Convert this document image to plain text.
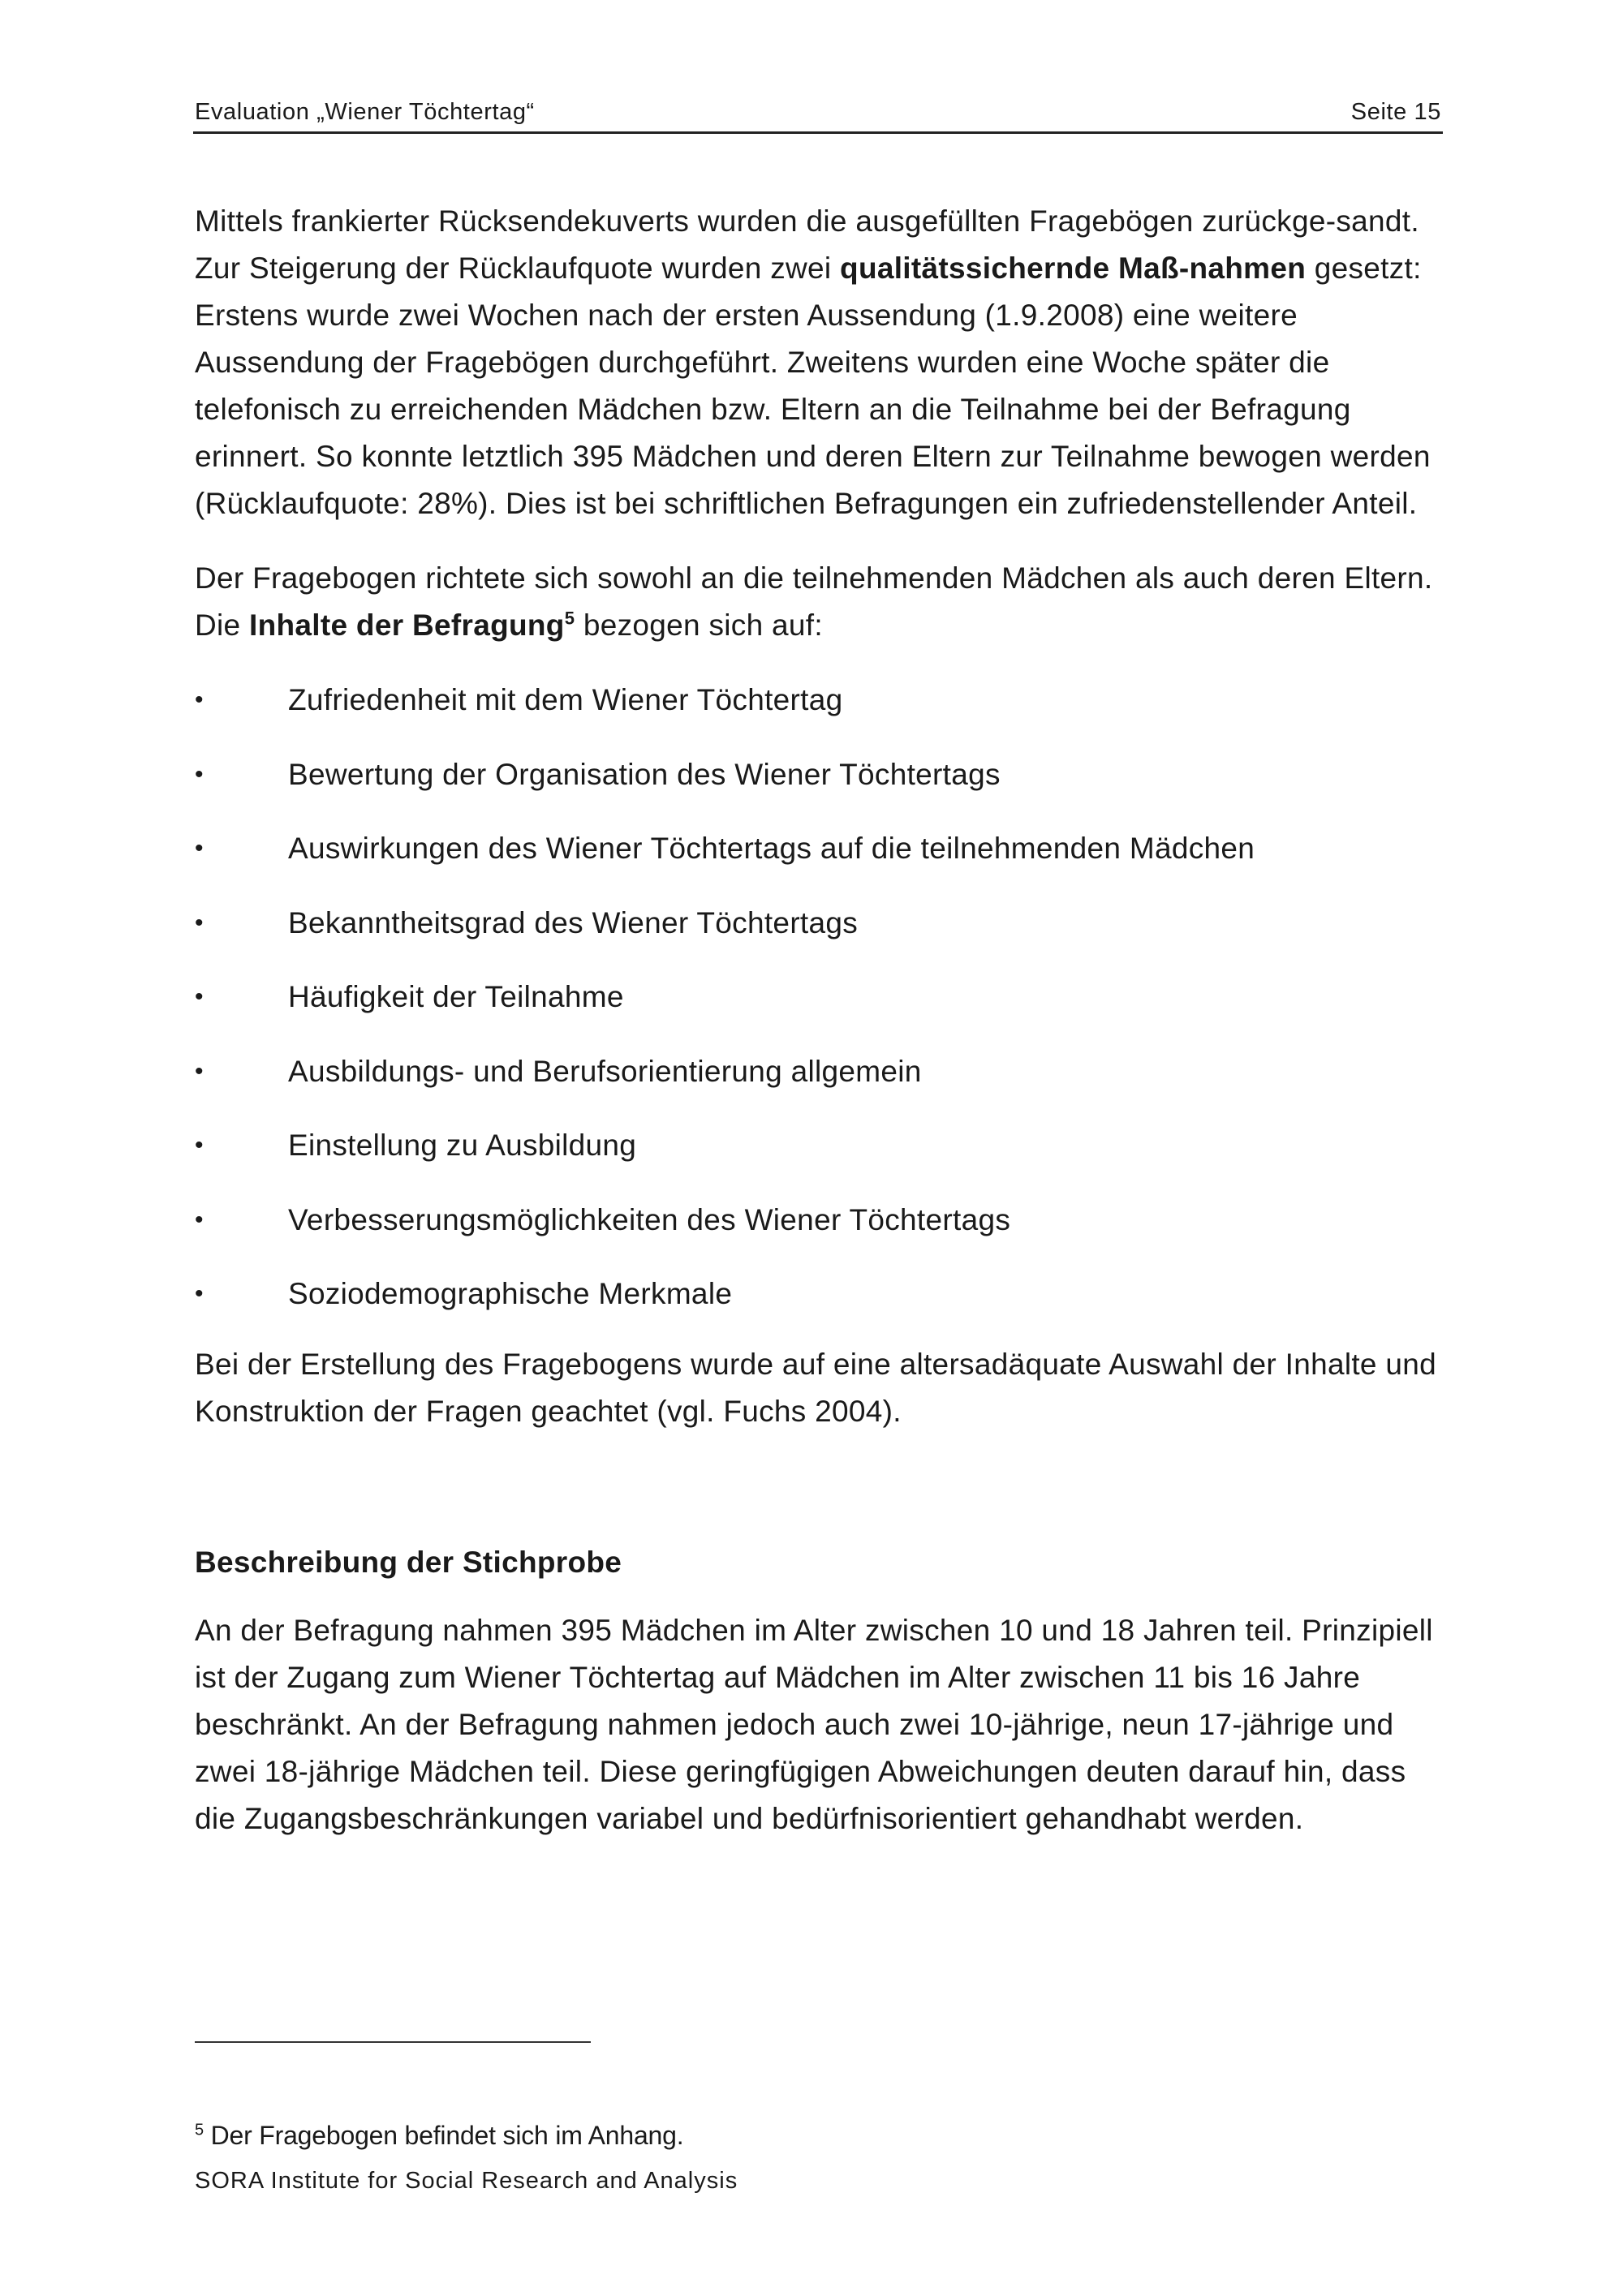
Evaluation „Wiener Töchtertag“	Seite 15

Mittels frankierter Rücksendekuverts wurden die ausgefüllten Fragebögen zurückge-sandt. Zur Steigerung der Rücklaufquote wurden zwei qualitätssichernde Maß-nahmen gesetzt: Erstens wurde zwei Wochen nach der ersten Aussendung (1.9.2008) eine weitere Aussendung der Fragebögen durchgeführt. Zweitens wurden eine Woche später die telefonisch zu erreichenden Mädchen bzw. Eltern an die Teilnahme bei der Befragung erinnert. So konnte letztlich 395 Mädchen und deren Eltern zur Teilnahme bewogen werden (Rücklaufquote: 28%). Dies ist bei schriftlichen Befragungen ein zufriedenstellender Anteil.

Der Fragebogen richtete sich sowohl an die teilnehmenden Mädchen als auch deren Eltern. Die Inhalte der Befragung$^5$ bezogen sich auf:

•	Zufriedenheit mit dem Wiener Töchtertag
•	Bewertung der Organisation des Wiener Töchtertags
•	Auswirkungen des Wiener Töchtertags auf die teilnehmenden Mädchen
•	Bekanntheitsgrad des Wiener Töchtertags
•	Häufigkeit der Teilnahme
•	Ausbildungs- und Berufsorientierung allgemein
•	Einstellung zu Ausbildung
•	Verbesserungsmöglichkeiten des Wiener Töchtertags
•	Soziodemographische Merkmale

Bei der Erstellung des Fragebogens wurde auf eine altersadäquate Auswahl der Inhalte und Konstruktion der Fragen geachtet (vgl. Fuchs 2004).

Beschreibung der Stichprobe

An der Befragung nahmen 395 Mädchen im Alter zwischen 10 und 18 Jahren teil. Prinzipiell ist der Zugang zum Wiener Töchtertag auf Mädchen im Alter zwischen 11 bis 16 Jahre beschränkt. An der Befragung nahmen jedoch auch zwei 10-jährige, neun 17-jährige und zwei 18-jährige Mädchen teil. Diese geringfügigen Abweichungen deuten darauf hin, dass die Zugangsbeschränkungen variabel und bedürfnisorientiert gehandhabt werden.

$^5$ Der Fragebogen befindet sich im Anhang.
SORA Institute for Social Research and Analysis
